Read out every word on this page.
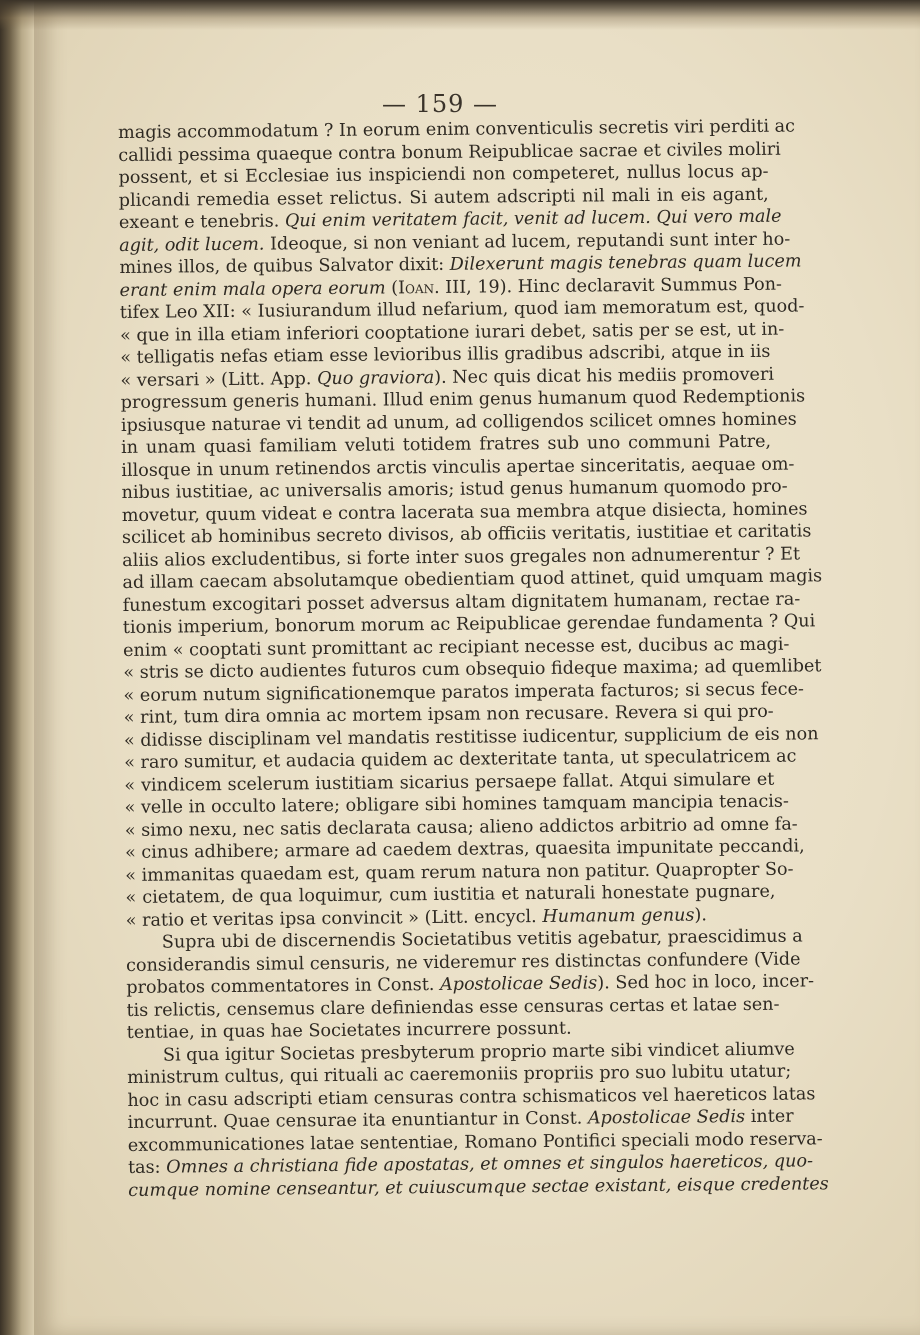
— 159 —
magis accommodatum ? In eorum enim conventiculis secretis viri perditi ac
callidi pessima quaeque contra bonum Reipublicae sacrae et civiles moliri
possent, et si Ecclesiae ius inspiciendi non competeret, nullus locus ap-
plicandi remedia esset relictus. Si autem adscripti nil mali in eis agant,
exeant e tenebris. Qui enim veritatem facit, venit ad lucem. Qui vero male
agit, odit lucem. Ideoque, si non veniant ad lucem, reputandi sunt inter ho-
mines illos, de quibus Salvator dixit: Dilexerunt magis tenebras quam lucem
erant enim mala opera eorum (Ioan. III, 19). Hinc declaravit Summus Pon-
tifex Leo XII: « Iusiurandum illud nefarium, quod iam memoratum est, quod-
« que in illa etiam inferiori cooptatione iurari debet, satis per se est, ut in-
« telligatis nefas etiam esse levioribus illis gradibus adscribi, atque in iis
« versari » (Litt. App. Quo graviora). Nec quis dicat his mediis promoveri
progressum generis humani. Illud enim genus humanum quod Redemptionis
ipsiusque naturae vi tendit ad unum, ad colligendos scilicet omnes homines
in unam quasi familiam veluti totidem fratres sub uno communi Patre,
illosque in unum retinendos arctis vinculis apertae sinceritatis, aequae om-
nibus iustitiae, ac universalis amoris; istud genus humanum quomodo pro-
movetur, quum videat e contra lacerata sua membra atque disiecta, homines
scilicet ab hominibus secreto divisos, ab officiis veritatis, iustitiae et caritatis
aliis alios excludentibus, si forte inter suos gregales non adnumerentur ? Et
ad illam caecam absolutamque obedientiam quod attinet, quid umquam magis
funestum excogitari posset adversus altam dignitatem humanam, rectae ra-
tionis imperium, bonorum morum ac Reipublicae gerendae fundamenta ? Qui
enim « cooptati sunt promittant ac recipiant necesse est, ducibus ac magi-
« stris se dicto audientes futuros cum obsequio fideque maxima; ad quemlibet
« eorum nutum significationemque paratos imperata facturos; si secus fece-
« rint, tum dira omnia ac mortem ipsam non recusare. Revera si qui pro-
« didisse disciplinam vel mandatis restitisse iudicentur, supplicium de eis non
« raro sumitur, et audacia quidem ac dexteritate tanta, ut speculatricem ac
« vindicem scelerum iustitiam sicarius persaepe fallat. Atqui simulare et
« velle in occulto latere; obligare sibi homines tamquam mancipia tenacis-
« simo nexu, nec satis declarata causa; alieno addictos arbitrio ad omne fa-
« cinus adhibere; armare ad caedem dextras, quaesita impunitate peccandi,
« immanitas quaedam est, quam rerum natura non patitur. Quapropter So-
« cietatem, de qua loquimur, cum iustitia et naturali honestate pugnare,
« ratio et veritas ipsa convincit » (Litt. encycl. Humanum genus).
Supra ubi de discernendis Societatibus vetitis agebatur, praescidimus a
considerandis simul censuris, ne videremur res distinctas confundere (Vide
probatos commentatores in Const. Apostolicae Sedis). Sed hoc in loco, incer-
tis relictis, censemus clare definiendas esse censuras certas et latae sen-
tentiae, in quas hae Societates incurrere possunt.
Si qua igitur Societas presbyterum proprio marte sibi vindicet aliumve
ministrum cultus, qui rituali ac caeremoniis propriis pro suo lubitu utatur;
hoc in casu adscripti etiam censuras contra schismaticos vel haereticos latas
incurrunt. Quae censurae ita enuntiantur in Const. Apostolicae Sedis inter
excommunicationes latae sententiae, Romano Pontifici speciali modo reserva-
tas: Omnes a christiana fide apostatas, et omnes et singulos haereticos, quo-
cumque nomine censeantur, et cuiuscumque sectae existant, eisque credentes
